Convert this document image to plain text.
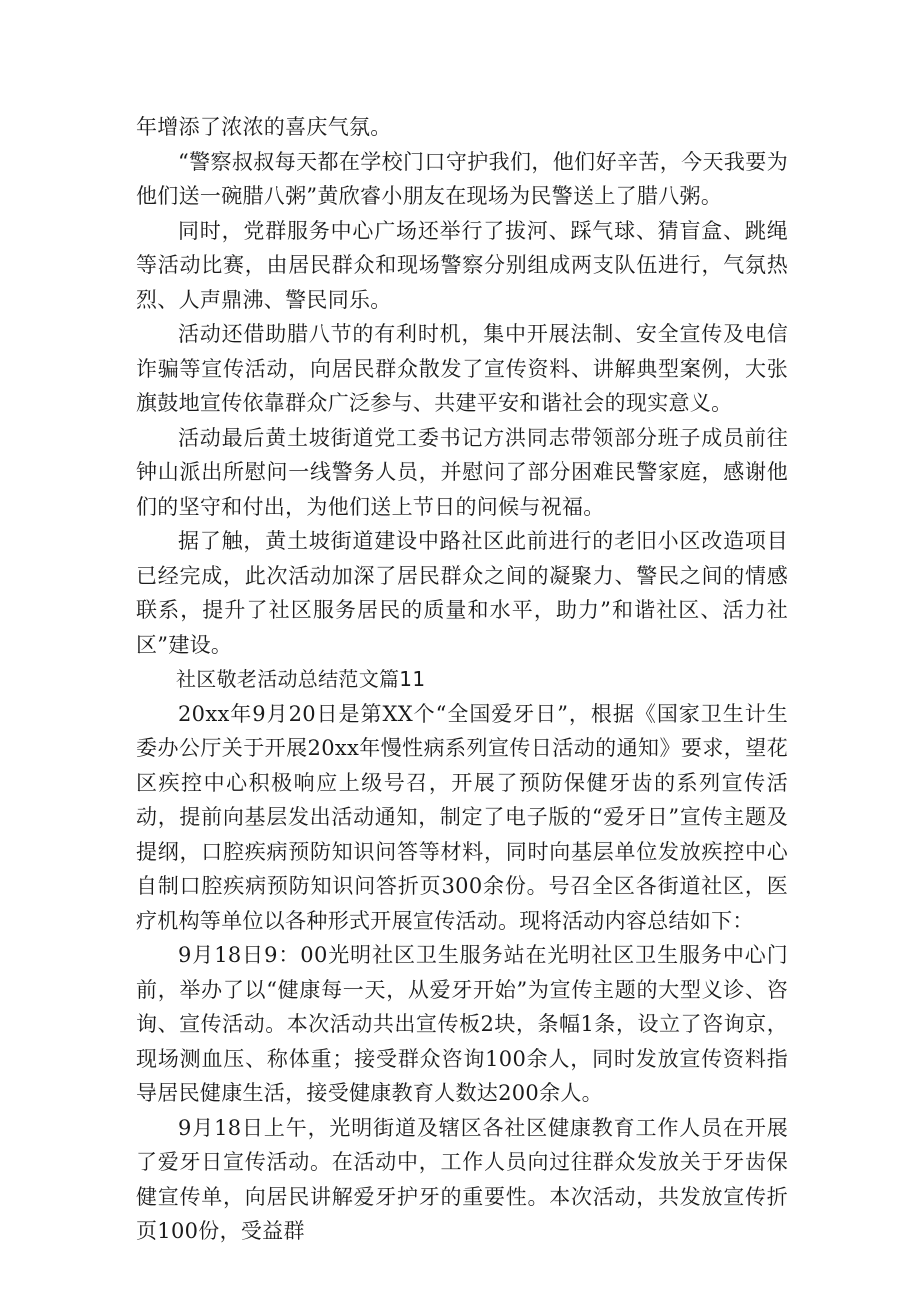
年增添了浓浓的喜庆气氛。

“警察叔叔每天都在学校门口守护我们，他们好辛苦，今天我要为他们送一碗腊八粥”黄欣睿小朋友在现场为民警送上了腊八粥。

同时，党群服务中心广场还举行了拔河、踩气球、猜盲盒、跳绳等活动比赛，由居民群众和现场警察分别组成两支队伍进行，气氛热烈、人声鼎沸、警民同乐。

活动还借助腊八节的有利时机，集中开展法制、安全宣传及电信诈骗等宣传活动，向居民群众散发了宣传资料、讲解典型案例，大张旗鼓地宣传依靠群众广泛参与、共建平安和谐社会的现实意义。

活动最后黄土坡街道党工委书记方洪同志带领部分班子成员前往钟山派出所慰问一线警务人员，并慰问了部分困难民警家庭，感谢他们的坚守和付出，为他们送上节日的问候与祝福。

据了触，黄土坡街道建设中路社区此前进行的老旧小区改造项目已经完成，此次活动加深了居民群众之间的凝聚力、警民之间的情感联系，提升了社区服务居民的质量和水平，助力”和谐社区、活力社区”建设。

社区敬老活动总结范文篇11

20xx年9月20日是第XX个“全国爱牙日”，根据《国家卫生计生委办公厅关于开展20xx年慢性病系列宣传日活动的通知》要求，望花区疾控中心积极响应上级号召，开展了预防保健牙齿的系列宣传活动，提前向基层发出活动通知，制定了电子版的“爱牙日”宣传主题及提纲，口腔疾病预防知识问答等材料，同时向基层单位发放疾控中心自制口腔疾病预防知识问答折页300余份。号召全区各街道社区，医疗机构等单位以各种形式开展宣传活动。现将活动内容总结如下：

9月18日9：00光明社区卫生服务站在光明社区卫生服务中心门前，举办了以“健康每一天，从爱牙开始”为宣传主题的大型义诊、咨询、宣传活动。本次活动共出宣传板2块，条幅1条，设立了咨询京，现场测血压、称体重；接受群众咨询100余人，同时发放宣传资料指导居民健康生活，接受健康教育人数达200余人。

9月18日上午，光明街道及辖区各社区健康教育工作人员在开展了爱牙日宣传活动。在活动中，工作人员向过往群众发放关于牙齿保健宣传单，向居民讲解爱牙护牙的重要性。本次活动，共发放宣传折页100份，受益群
